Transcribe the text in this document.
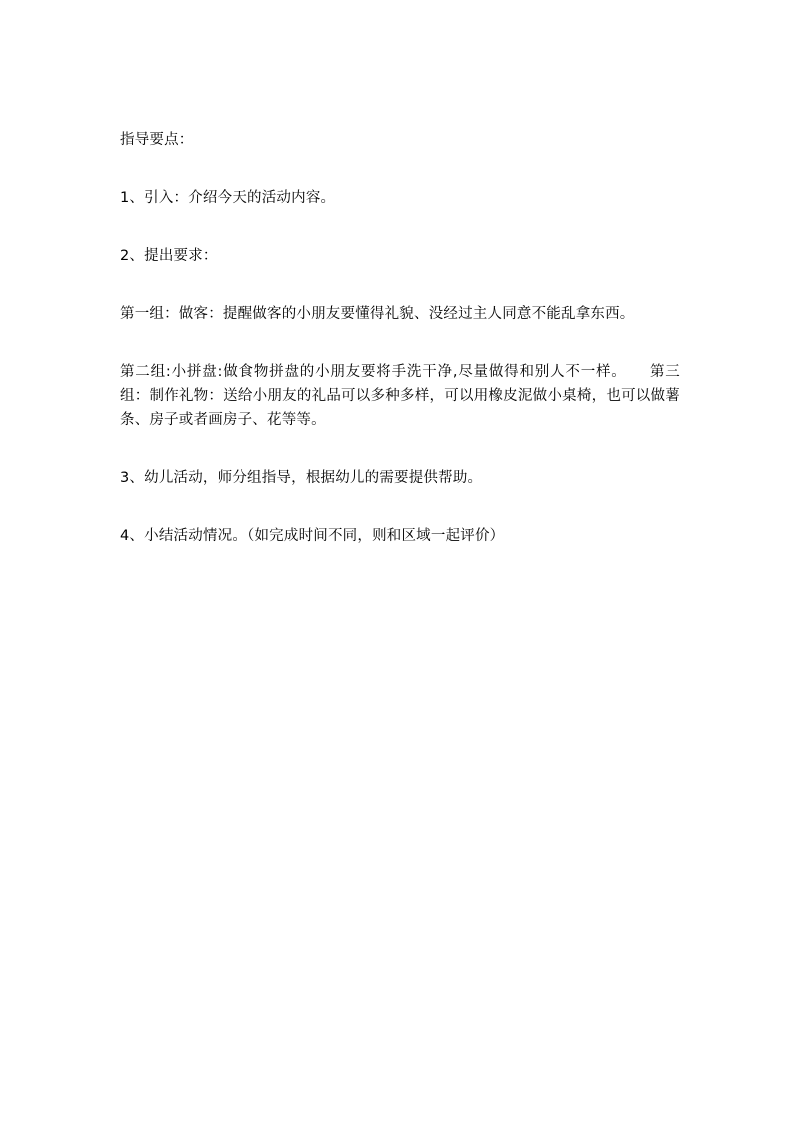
指导要点：

1、引入：介绍今天的活动内容。

2、提出要求：

第一组：做客：提醒做客的小朋友要懂得礼貌、没经过主人同意不能乱拿东西。

第二组:小拼盘:做食物拼盘的小朋友要将手洗干净,尽量做得和别人不一样。　　第三组：制作礼物：送给小朋友的礼品可以多种多样，可以用橡皮泥做小桌椅，也可以做薯条、房子或者画房子、花等等。

3、幼儿活动，师分组指导，根据幼儿的需要提供帮助。

4、小结活动情况。（如完成时间不同，则和区域一起评价）
